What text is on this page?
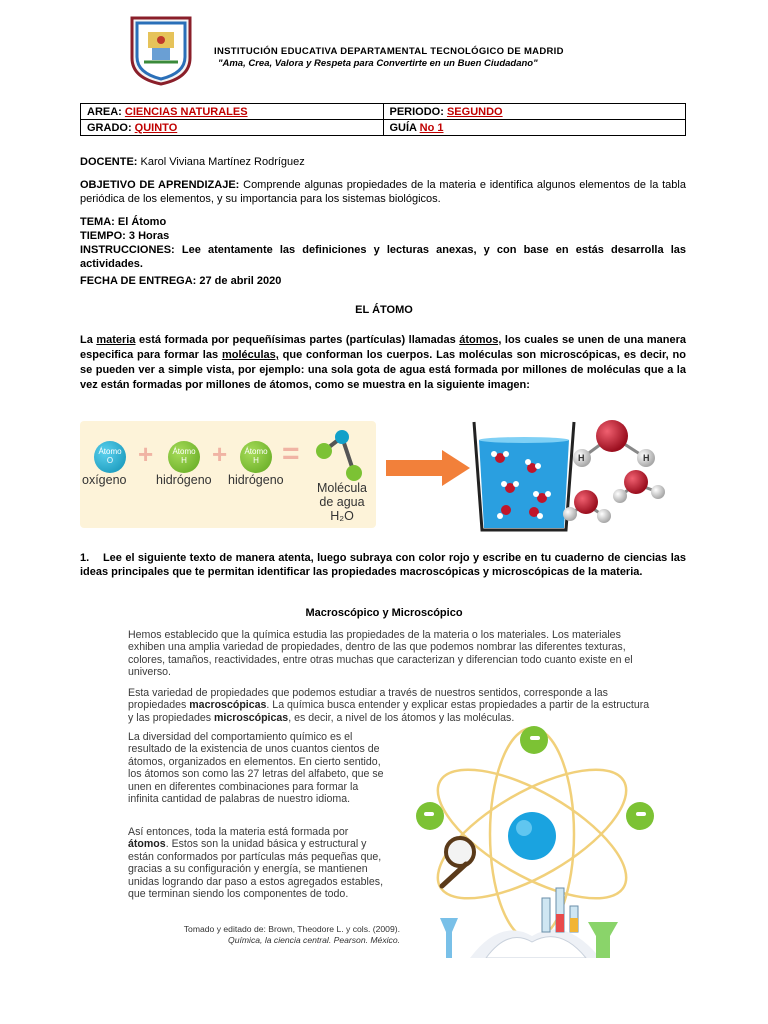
INSTITUCIÓN EDUCATIVA DEPARTAMENTAL TECNOLÓGICO DE MADRID
"Ama, Crea, Valora y Respeta para Convertirte en un Buen Ciudadano"
AREA: CIENCIAS NATURALES	PERIODO: SEGUNDO
GRADO: QUINTO	GUÍA No 1
DOCENTE: Karol Viviana Martínez Rodríguez
OBJETIVO DE APRENDIZAJE: Comprende algunas propiedades de la materia e identifica algunos elementos de la tabla periódica de los elementos, y su importancia para los sistemas biológicos.
TEMA: El Átomo
TIEMPO: 3 Horas
INSTRUCCIONES: Lee atentamente las definiciones y lecturas anexas, y con base en estás desarrolla las actividades.
FECHA DE ENTREGA: 27 de abril 2020
EL ÁTOMO
La materia está formada por pequeñísimas partes (partículas) llamadas átomos, los cuales se unen de una manera especifica para formar las moléculas, que conforman los cuerpos. Las moléculas son microscópicas, es decir, no se pueden ver a simple vista, por ejemplo: una sola gota de agua está formada por millones de moléculas que a la vez están formadas por millones de átomos, como se muestra en la siguiente imagen:
Átomo
O +	Átomo
H +	Átomo
H =
oxígeno hidrógeno hidrógeno
Molécula
de agua
H₂O
H	H
1. Lee el siguiente texto de manera atenta, luego subraya con color rojo y escribe en tu cuaderno de ciencias las ideas principales que te permitan identificar las propiedades macroscópicas y microscópicas de la materia.
Macroscópico y Microscópico
Hemos establecido que la química estudia las propiedades de la materia o los materiales. Los materiales exhiben una amplia variedad de propiedades, dentro de las que podemos nombrar las diferentes texturas, colores, tamaños, reactividades, entre otras muchas que caracterizan y diferencian todo cuanto existe en el universo.
Esta variedad de propiedades que podemos estudiar a través de nuestros sentidos, corresponde a las propiedades macroscópicas. La química busca entender y explicar estas propiedades a partir de la estructura y las propiedades microscópicas, es decir, a nivel de los átomos y las moléculas.
La diversidad del comportamiento químico es el resultado de la existencia de unos cuantos cientos de átomos, organizados en elementos. En cierto sentido, los átomos son como las 27 letras del alfabeto, que se unen en diferentes combinaciones para formar la infinita cantidad de palabras de nuestro idioma.
Así entonces, toda la materia está formada por átomos. Estos son la unidad básica y estructural y están conformados por partículas más pequeñas que, gracias a su configuración y energía, se mantienen unidas logrando dar paso a estos agregados estables, que terminan siendo los componentes de todo.
Tomado y editado de: Brown, Theodore L. y cols. (2009).
Química, la ciencia central. Pearson. México.
